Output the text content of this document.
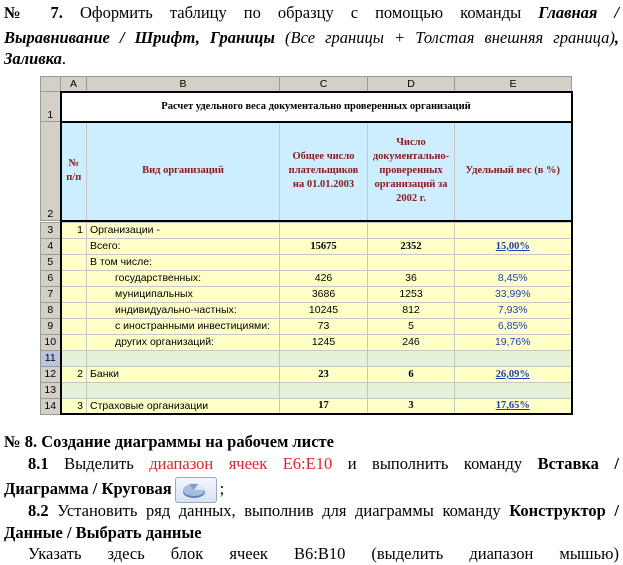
№ 7. Оформить таблицу по образцу с помощью команды Главная /
Выравнивание / Шрифт, Границы (Все границы + Толстая внешняя граница),
Заливка.
	A	B	C	D	E
1	Расчет удельного веса документально проверенных организаций				
2	№ п/п	Вид организаций	Общее число плательщиков на 01.01.2003	Число документально-проверенных организаций за 2002 г.	Удельный вес (в %)
3	1	Организации -			
4		Всего:	15675	2352	15,00%
5		В том числе:			
6		государственных:	426	36	8,45%
7		муниципальных	3686	1253	33,99%
8		индивидуально-частных:	10245	812	7,93%
9		с иностранными инвестициями:	73	5	6,85%
10		других организаций:	1245	246	19,76%
11					
12	2	Банки	23	6	26,09%
13					
14	3	Страховые организации	17	3	17,65%
№ 8. Создание диаграммы на рабочем листе
8.1 Выделить диапазон ячеек Е6:Е10 и выполнить команду Вставка /
Диаграмма / Круговая	;
8.2 Установить ряд данных, выполнив для диаграммы команду Конструктор /
Данные / Выбрать данные
Указать здесь блок ячеек В6:В10 (выделить диапазон мышью)
